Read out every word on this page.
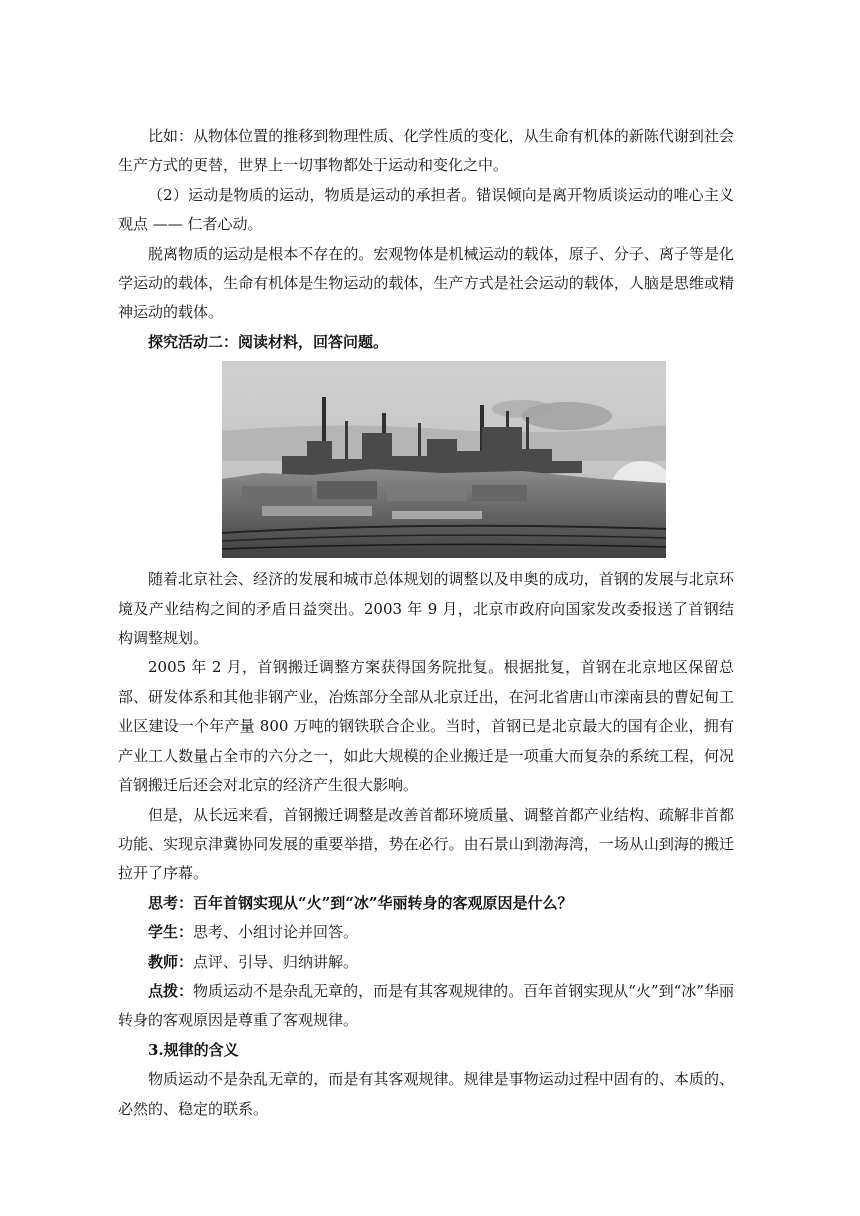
比如：从物体位置的推移到物理性质、化学性质的变化，从生命有机体的新陈代谢到社会生产方式的更替，世界上一切事物都处于运动和变化之中。

（2）运动是物质的运动，物质是运动的承担者。错误倾向是离开物质谈运动的唯心主义观点 —— 仁者心动。

脱离物质的运动是根本不存在的。宏观物体是机械运动的载体，原子、分子、离子等是化学运动的载体，生命有机体是生物运动的载体，生产方式是社会运动的载体，人脑是思维或精神运动的载体。

探究活动二：阅读材料，回答问题。

随着北京社会、经济的发展和城市总体规划的调整以及申奥的成功，首钢的发展与北京环境及产业结构之间的矛盾日益突出。2003 年 9 月，北京市政府向国家发改委报送了首钢结构调整规划。

2005 年 2 月，首钢搬迁调整方案获得国务院批复。根据批复，首钢在北京地区保留总部、研发体系和其他非钢产业，冶炼部分全部从北京迁出，在河北省唐山市滦南县的曹妃甸工业区建设一个年产量 800 万吨的钢铁联合企业。当时，首钢已是北京最大的国有企业，拥有产业工人数量占全市的六分之一，如此大规模的企业搬迁是一项重大而复杂的系统工程，何况首钢搬迁后还会对北京的经济产生很大影响。

但是，从长远来看，首钢搬迁调整是改善首都环境质量、调整首都产业结构、疏解非首都功能、实现京津冀协同发展的重要举措，势在必行。由石景山到渤海湾，一场从山到海的搬迁拉开了序幕。

思考：百年首钢实现从“火”到“冰”华丽转身的客观原因是什么？

学生：思考、小组讨论并回答。

教师：点评、引导、归纳讲解。

点拨：物质运动不是杂乱无章的，而是有其客观规律的。百年首钢实现从“火”到“冰”华丽转身的客观原因是尊重了客观规律。

3.规律的含义

物质运动不是杂乱无章的，而是有其客观规律。规律是事物运动过程中固有的、本质的、必然的、稳定的联系。
